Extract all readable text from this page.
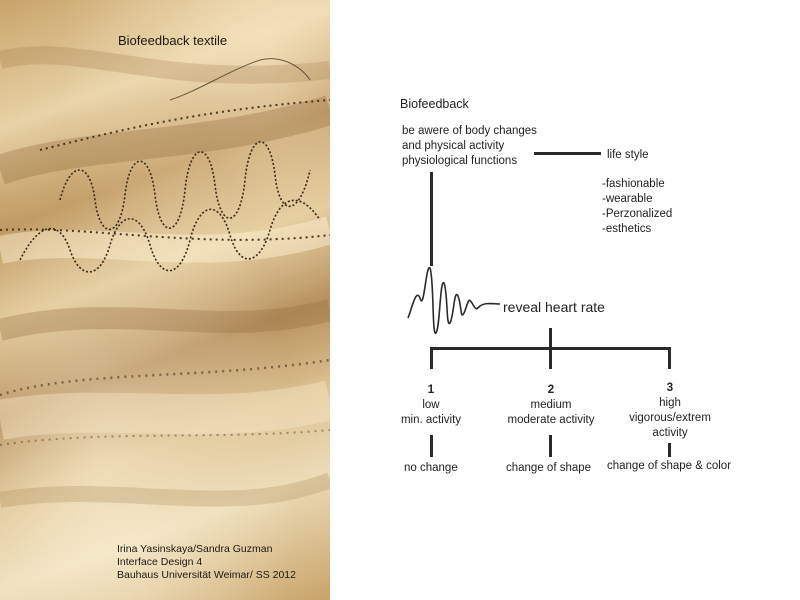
Biofeedback textile
Irina Yasinskaya/Sandra Guzman
Interface Design 4
Bauhaus Universität Weimar/ SS 2012
Biofeedback
be awere of body changes
and physical activity
physiological functions	life style
-fashionable
-wearable
-Perzonalized
-esthetics
reveal heart rate
1
low
min. activity
no change
2
medium
moderate activity
change of shape
3
high
vigorous/extrem
activity
change of shape & color
